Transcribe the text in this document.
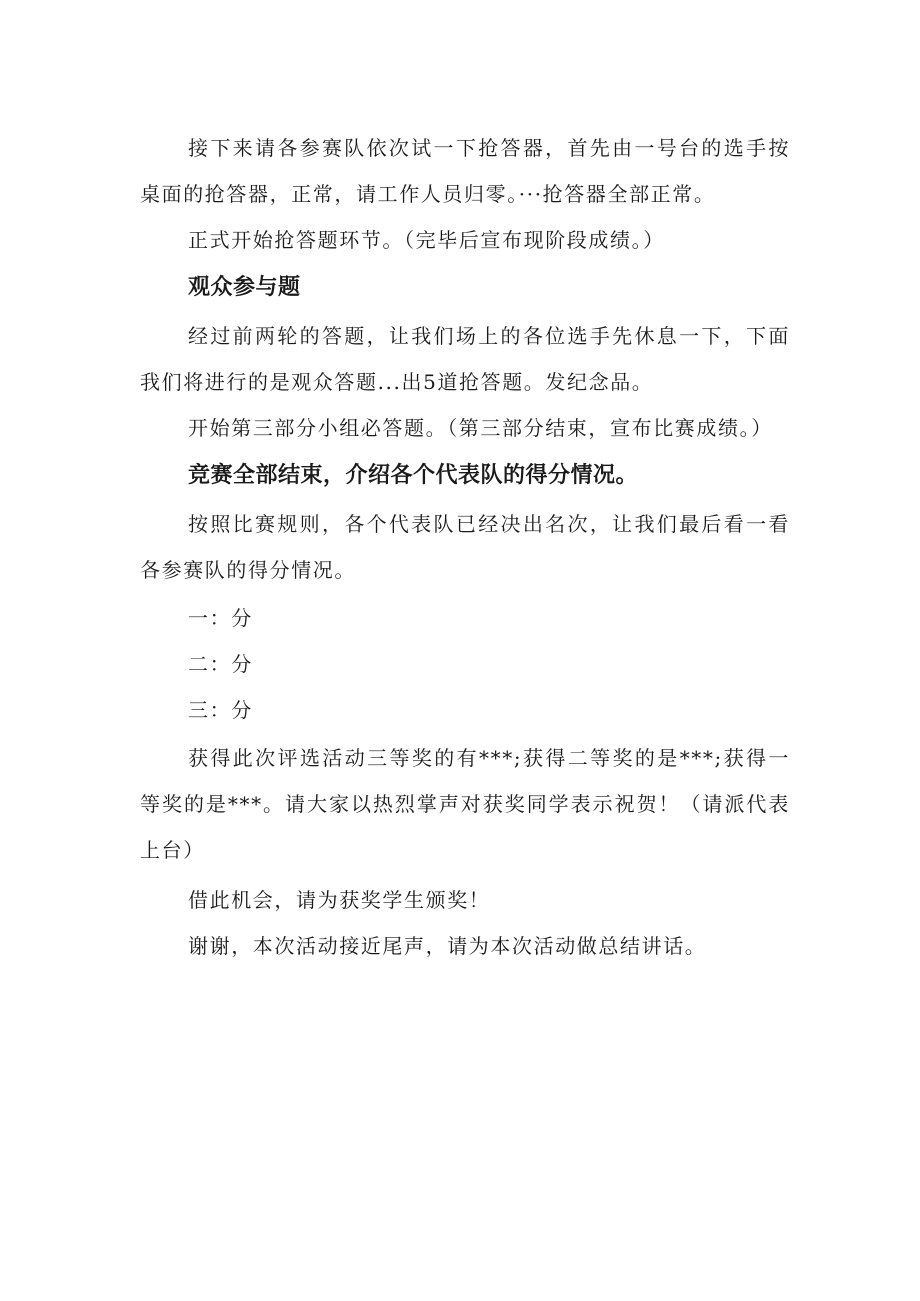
接下来请各参赛队依次试一下抢答器，首先由一号台的选手按桌面的抢答器，正常，请工作人员归零。···抢答器全部正常。

正式开始抢答题环节。（完毕后宣布现阶段成绩。）

观众参与题

经过前两轮的答题，让我们场上的各位选手先休息一下，下面我们将进行的是观众答题...出5道抢答题。发纪念品。

开始第三部分小组必答题。（第三部分结束，宣布比赛成绩。）

竞赛全部结束，介绍各个代表队的得分情况。

按照比赛规则，各个代表队已经决出名次，让我们最后看一看各参赛队的得分情况。

一：分

二：分

三：分

获得此次评选活动三等奖的有***;获得二等奖的是***;获得一等奖的是***。请大家以热烈掌声对获奖同学表示祝贺！（请派代表上台）

借此机会，请为获奖学生颁奖！

谢谢，本次活动接近尾声，请为本次活动做总结讲话。
